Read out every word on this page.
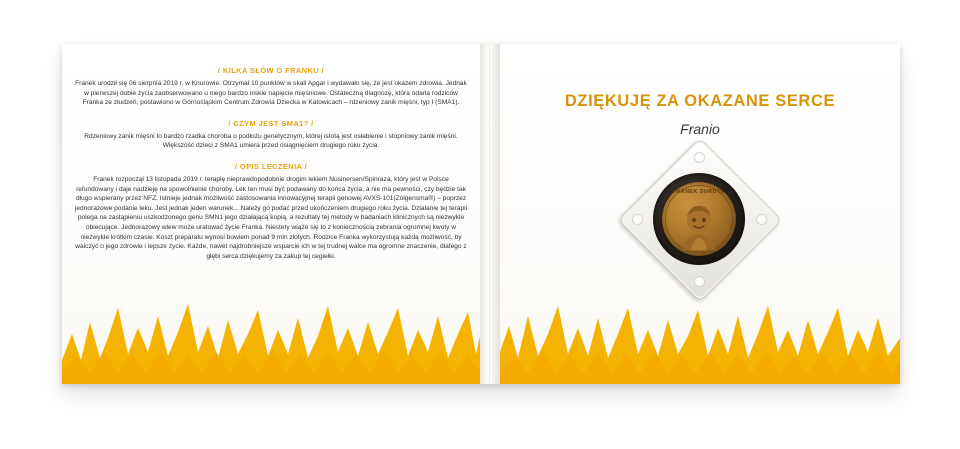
/ KILKA SŁÓW O FRANKU /
Franek urodził się 06 sierpnia 2019 r. w Knurowie. Otrzymał 10 punktów w skali Apgar i wydawało się, że jest okazem zdrowia. Jednak w pierwszej dobie życia zaobserwowano u niego bardzo niskie napięcie mięśniowe. Ostateczną diagnozę, która odarła rodziców Franka ze złudzeń, postawiono w Górnośląskim Centrum Zdrowia Dziecka w Katowicach – rdzeniowy zanik mięśni, typ I (SMA1).
/ CZYM JEST SMA1? /
Rdzeniowy zanik mięśni to bardzo rzadka choroba o podłożu genetycznym, której istotą jest osłabienie i stopniowy zanik mięśni. Większość dzieci z SMA1 umiera przed osiągnięciem drugiego roku życia.
/ OPIS LECZENIA /
Franek rozpoczął 13 listopada 2019 r. terapię nieprawdopodobnie drogim lekiem Nusinersen/Spinraza, który jest w Polsce refundowany i daje nadzieję na spowolnienie choroby. Lek ten musi być podawany do końca życia, a nie ma pewności, czy będzie tak długo wspierany przez NFZ. Istnieje jednak możliwość zastosowania innowacyjnej terapii genowej AVXS-101(Zolgensma®) – poprzez jednorazowe podanie leku. Jest jednak jeden warunek... Należy go podać przed ukończeniem drugiego roku życia. Działanie tej terapii polega na zastąpieniu uszkodzonego genu SMN1 jego działającą kopią, a rezultaty tej metody w badaniach klinicznych są niezwykle obiecujące. Jednorazowy wlew może uratować życie Franka. Niestety wiąże się to z koniecznością zebrania ogromnej kwoty w niezwykle krótkim czasie. Koszt preparatu wynosi bowiem ponad 9 mln złotych. Rodzice Franka wykorzystują każdą możliwość, by walczyć o jego zdrowie i lepsze życie. Każde, nawet najdrobniejsze wsparcie ich w tej trudnej walce ma ogromne znaczenie, dlatego z głębi serca dziękujemy za zakup tej cegiełki.
DZIĘKUJĘ ZA OKAZANE SERCE
Franio
FRANEK SURDYK
